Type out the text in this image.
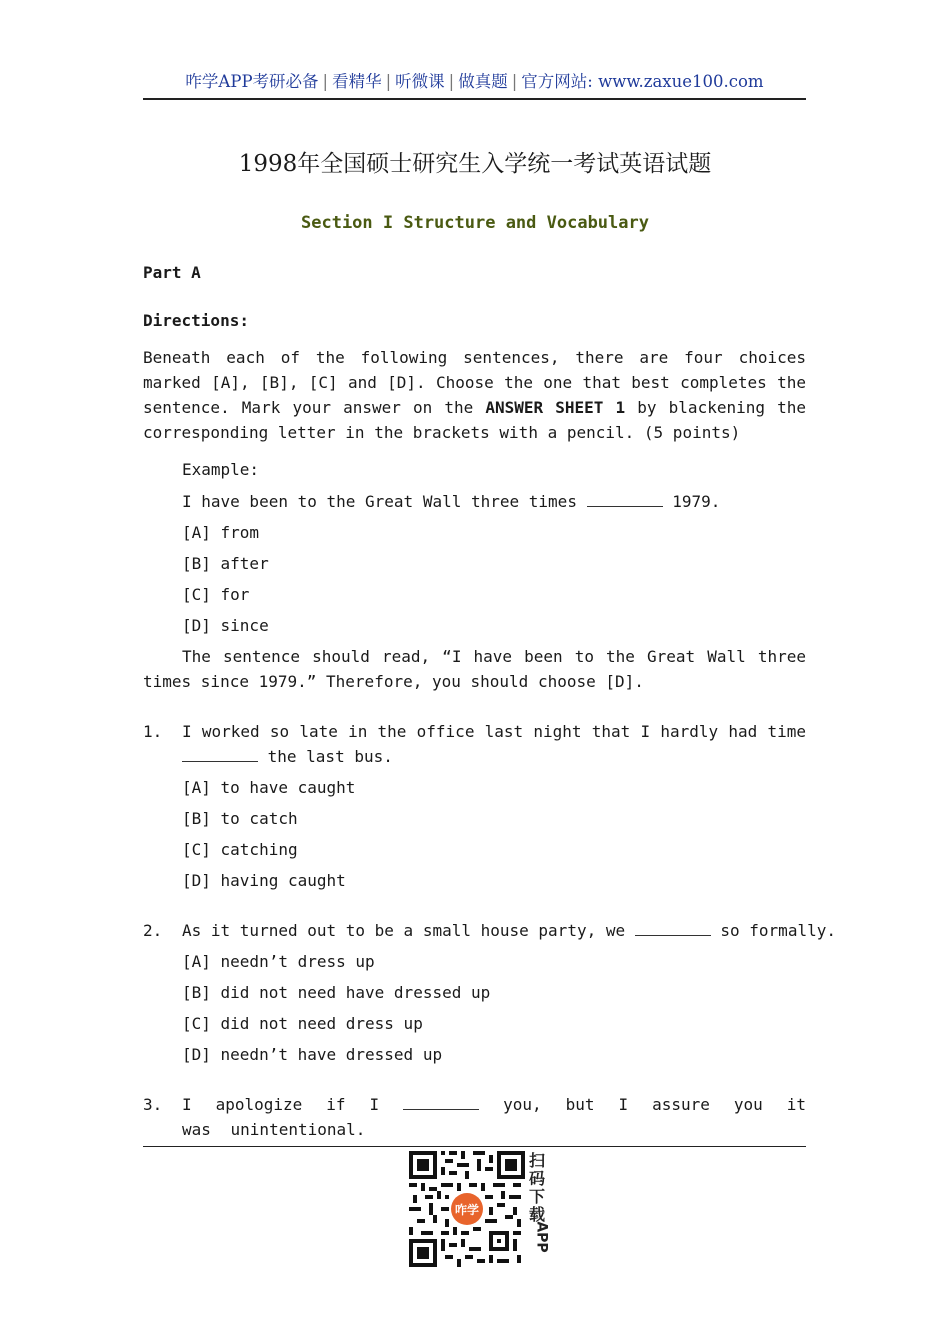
咋学APP考研必备 | 看精华 | 听微课 | 做真题 | 官方网站: www.zaxue100.com
1998年全国硕士研究生入学统一考试英语试题
Section I Structure and Vocabulary
Part A
Directions:
Beneath each of the following sentences, there are four choices marked [A], [B], [C] and [D]. Choose the one that best completes the sentence. Mark your answer on the ANSWER SHEET 1 by blackening the corresponding letter in the brackets with a pencil. (5 points)
Example:
I have been to the Great Wall three times	1979.
[A] from
[B] after
[C] for
[D] since
The sentence should read, “I have been to the Great Wall three times since 1979.” Therefore, you should choose [D].
1. I worked so late in the office last night that I hardly had time  the last bus.
[A] to have caught
[B] to catch
[C] catching
[D] having caught
2. As it turned out to be a small house party, we	so formally.
[A] needn’t dress up
[B] did not need have dressed up
[C] did not need dress up
[D] needn’t have dressed up
3. I apologize if I	you, but I assure you it was unintentional.
咋学
扫
码
下
载
APP
